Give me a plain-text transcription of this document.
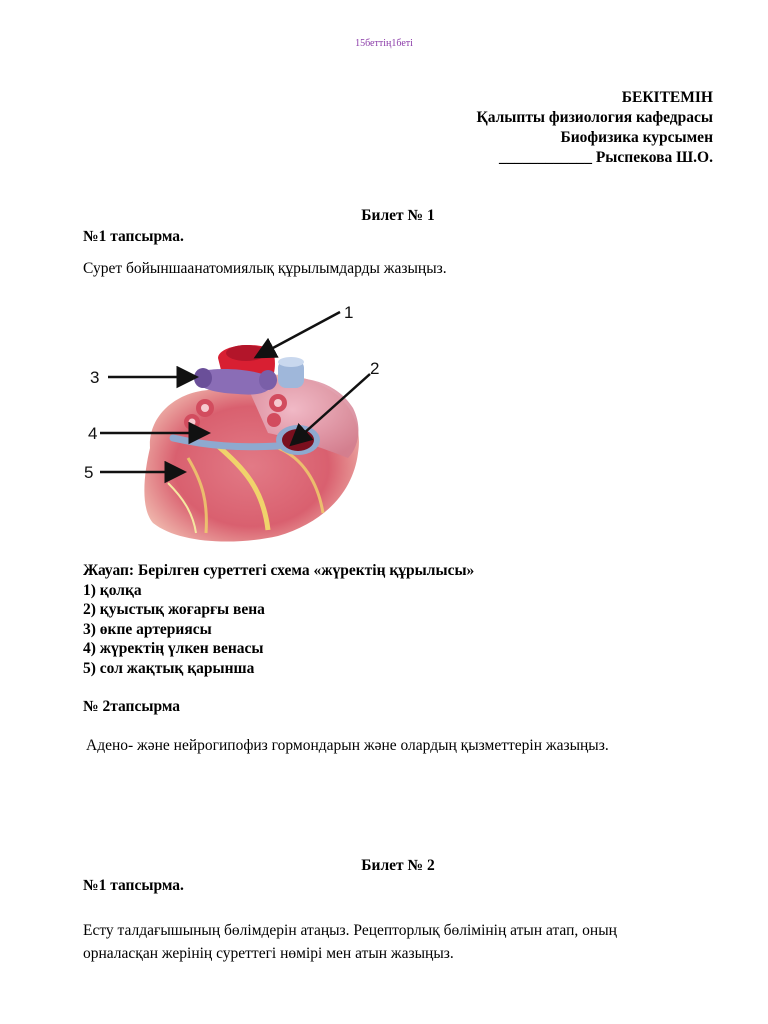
15беттің1беті
БЕКІТЕМІН
Қалыпты физиология кафедрасы
Биофизика курсымен
____________ Рыспекова Ш.О.
Билет № 1
№1 тапсырма.
Сурет бойыншаанатомиялық құрылымдарды жазыңыз.
1
2
3
4
5
Жауап: Берілген суреттегі схема «жүректің құрылысы»
1) қолқа
2) қуыстық жоғарғы вена
3) өкпе артериясы
4) жүректің үлкен венасы
5) сол жақтық қарынша
№ 2тапсырма
Адено- және нейрогипофиз гормондарын және олардың қызметтерін жазыңыз.
Билет № 2
№1 тапсырма.
Есту талдағышының бөлімдерін атаңыз. Рецепторлық бөлімінің атын атап, оның
орналасқан жерінің суреттегі нөмірі мен атын жазыңыз.
